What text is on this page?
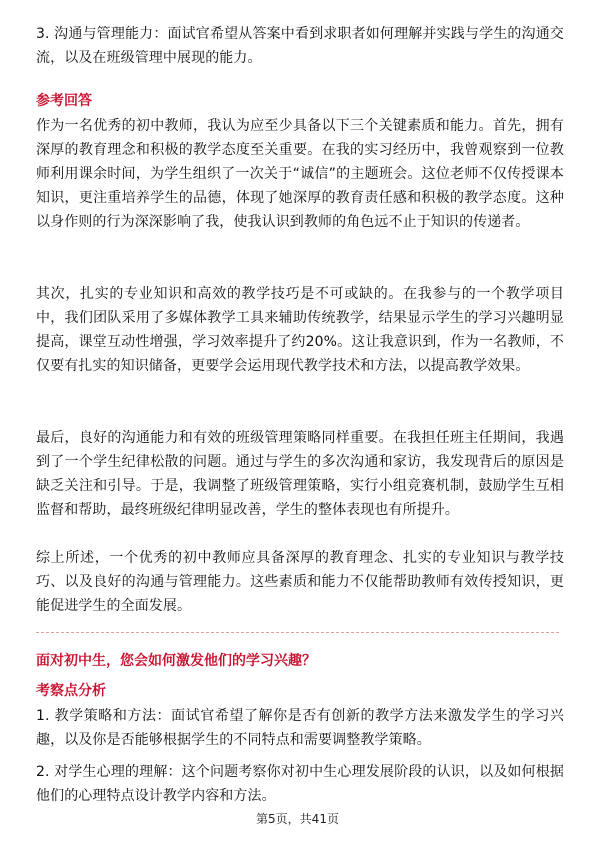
3. 沟通与管理能力：面试官希望从答案中看到求职者如何理解并实践与学生的沟通交流，以及在班级管理中展现的能力。

参考回答

作为一名优秀的初中教师，我认为应至少具备以下三个关键素质和能力。首先，拥有深厚的教育理念和积极的教学态度至关重要。在我的实习经历中，我曾观察到一位教师利用课余时间，为学生组织了一次关于“诚信”的主题班会。这位老师不仅传授课本知识，更注重培养学生的品德，体现了她深厚的教育责任感和积极的教学态度。这种以身作则的行为深深影响了我，使我认识到教师的角色远不止于知识的传递者。

其次，扎实的专业知识和高效的教学技巧是不可或缺的。在我参与的一个教学项目中，我们团队采用了多媒体教学工具来辅助传统教学，结果显示学生的学习兴趣明显提高，课堂互动性增强，学习效率提升了约20%。这让我意识到，作为一名教师，不仅要有扎实的知识储备，更要学会运用现代教学技术和方法，以提高教学效果。

最后，良好的沟通能力和有效的班级管理策略同样重要。在我担任班主任期间，我遇到了一个学生纪律松散的问题。通过与学生的多次沟通和家访，我发现背后的原因是缺乏关注和引导。于是，我调整了班级管理策略，实行小组竞赛机制，鼓励学生互相监督和帮助，最终班级纪律明显改善，学生的整体表现也有所提升。

综上所述，一个优秀的初中教师应具备深厚的教育理念、扎实的专业知识与教学技巧、以及良好的沟通与管理能力。这些素质和能力不仅能帮助教师有效传授知识，更能促进学生的全面发展。

面对初中生，您会如何激发他们的学习兴趣？

考察点分析

1. 教学策略和方法：面试官希望了解你是否有创新的教学方法来激发学生的学习兴趣，以及你是否能够根据学生的不同特点和需要调整教学策略。

2. 对学生心理的理解：这个问题考察你对初中生心理发展阶段的认识，以及如何根据他们的心理特点设计教学内容和方法。

第5页，共41页
